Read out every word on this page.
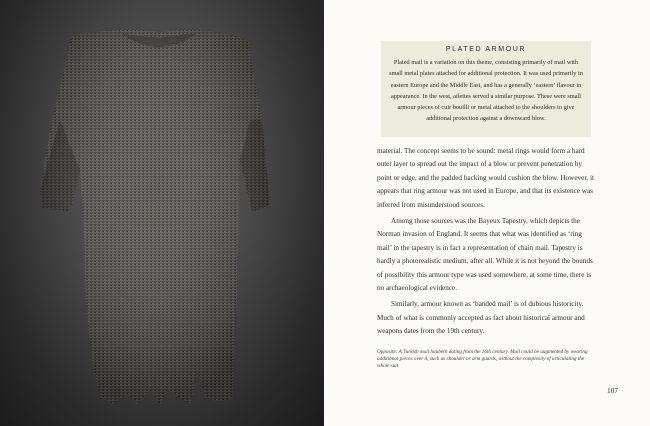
PLATED ARMOUR

Plated mail is a variation on this theme, consisting primarily of mail with small metal plates attached for additional protection. It was used primarily in eastern Europe and the Middle East, and has a generally ‘eastern’ flavour in appearance. In the west, ailettes served a similar purpose. These were small armour pieces of cuir bouilli or metal attached to the shoulders to give additional protection against a downward blow.

material. The concept seems to be sound: metal rings would form a hard outer layer to spread out the impact of a blow or prevent penetration by point or edge, and the padded backing would cushion the blow. However, it appears that ring armour was not used in Europe, and that its existence was inferred from misunderstood sources.

Among those sources was the Bayeux Tapestry, which depicts the Norman invasion of England. It seems that what was identified as ‘ring mail’ in the tapestry is in fact a representation of chain mail. Tapestry is hardly a photorealistic medium, after all. While it is not beyond the bounds of possibility this armour type was used somewhere, at some time, there is no archaeological evidence.

Similarly, armour known as ‘banded mail’ is of dubious historicity. Much of what is commonly accepted as fact about historical armour and weapons dates from the 19th century.

Opposite: A Turkish mail hauberk dating from the 16th century. Mail could be augmented by wearing additional pieces over it, such as shoulder or arm guards, without the complexity of articulating the whole suit.
107
